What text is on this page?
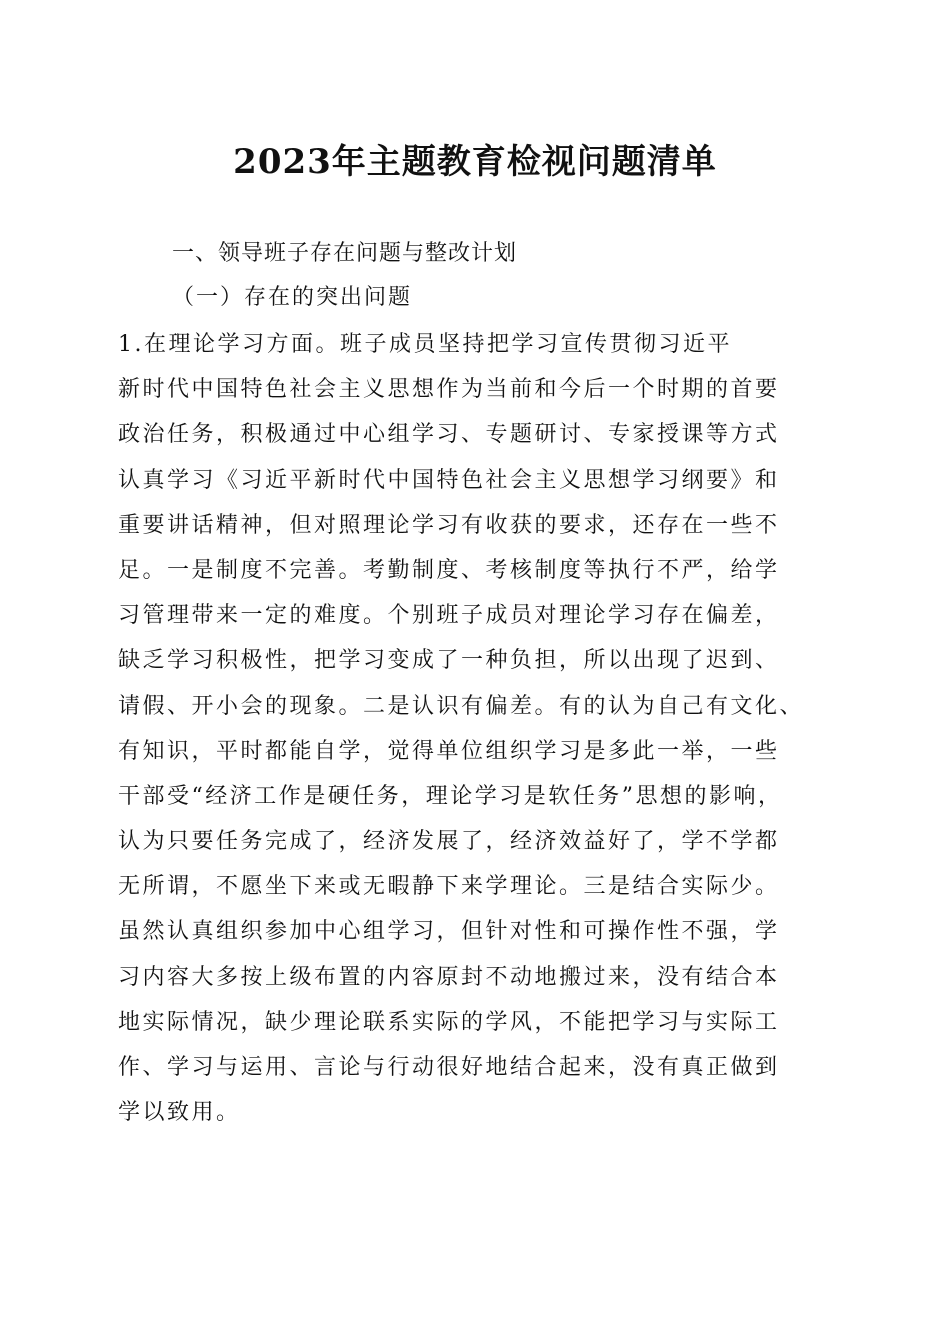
2023年主题教育检视问题清单
一、领导班子存在问题与整改计划
（一）存在的突出问题
1.在理论学习方面。班子成员坚持把学习宣传贯彻习近平
新时代中国特色社会主义思想作为当前和今后一个时期的首要
政治任务，积极通过中心组学习、专题研讨、专家授课等方式
认真学习《习近平新时代中国特色社会主义思想学习纲要》和
重要讲话精神，但对照理论学习有收获的要求，还存在一些不
足。一是制度不完善。考勤制度、考核制度等执行不严，给学
习管理带来一定的难度。个别班子成员对理论学习存在偏差，
缺乏学习积极性，把学习变成了一种负担，所以出现了迟到、
请假、开小会的现象。二是认识有偏差。有的认为自己有文化、
有知识，平时都能自学，觉得单位组织学习是多此一举，一些
干部受“经济工作是硬任务，理论学习是软任务”思想的影响，
认为只要任务完成了，经济发展了，经济效益好了，学不学都
无所谓，不愿坐下来或无暇静下来学理论。三是结合实际少。
虽然认真组织参加中心组学习，但针对性和可操作性不强，学
习内容大多按上级布置的内容原封不动地搬过来，没有结合本
地实际情况，缺少理论联系实际的学风，不能把学习与实际工
作、学习与运用、言论与行动很好地结合起来，没有真正做到
学以致用。
